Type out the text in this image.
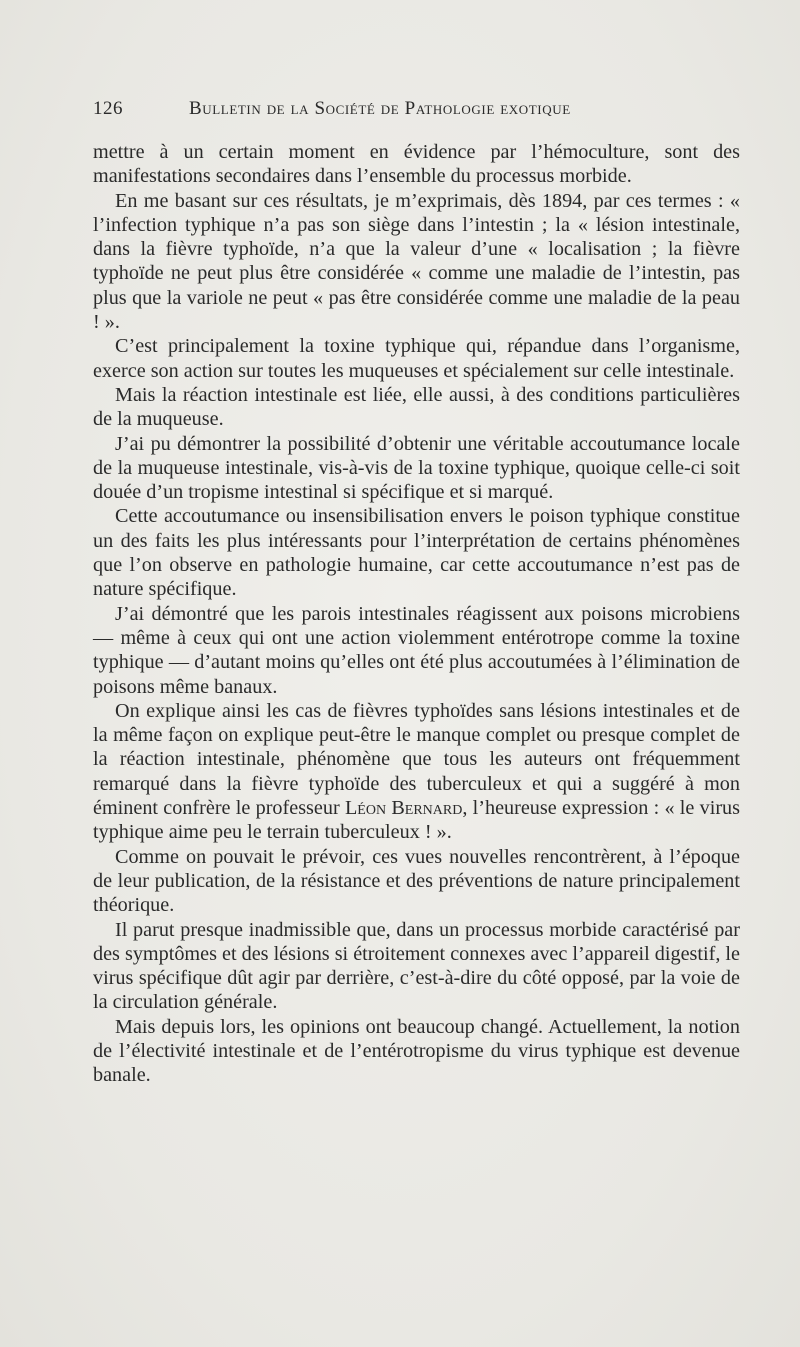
126	Bulletin de la Société de Pathologie exotique

mettre à un certain moment en évidence par l’hémoculture, sont des manifestations secondaires dans l’ensemble du processus morbide.

En me basant sur ces résultats, je m’exprimais, dès 1894, par ces termes : « l’infection typhique n’a pas son siège dans l’intestin ; la « lésion intestinale, dans la fièvre typhoïde, n’a que la valeur d’une « localisation ; la fièvre typhoïde ne peut plus être considérée « comme une maladie de l’intestin, pas plus que la variole ne peut « pas être considérée comme une maladie de la peau ! ».

C’est principalement la toxine typhique qui, répandue dans l’organisme, exerce son action sur toutes les muqueuses et spécialement sur celle intestinale.

Mais la réaction intestinale est liée, elle aussi, à des conditions particulières de la muqueuse.

J’ai pu démontrer la possibilité d’obtenir une véritable accoutumance locale de la muqueuse intestinale, vis-à-vis de la toxine typhique, quoique celle-ci soit douée d’un tropisme intestinal si spécifique et si marqué.

Cette accoutumance ou insensibilisation envers le poison typhique constitue un des faits les plus intéressants pour l’interprétation de certains phénomènes que l’on observe en pathologie humaine, car cette accoutumance n’est pas de nature spécifique.

J’ai démontré que les parois intestinales réagissent aux poisons microbiens — même à ceux qui ont une action violemment entérotrope comme la toxine typhique — d’autant moins qu’elles ont été plus accoutumées à l’élimination de poisons même banaux.

On explique ainsi les cas de fièvres typhoïdes sans lésions intestinales et de la même façon on explique peut-être le manque complet ou presque complet de la réaction intestinale, phénomène que tous les auteurs ont fréquemment remarqué dans la fièvre typhoïde des tuberculeux et qui a suggéré à mon éminent confrère le professeur Léon Bernard, l’heureuse expression : « le virus typhique aime peu le terrain tuberculeux ! ».

Comme on pouvait le prévoir, ces vues nouvelles rencontrèrent, à l’époque de leur publication, de la résistance et des préventions de nature principalement théorique.

Il parut presque inadmissible que, dans un processus morbide caractérisé par des symptômes et des lésions si étroitement connexes avec l’appareil digestif, le virus spécifique dût agir par derrière, c’est-à-dire du côté opposé, par la voie de la circulation générale.

Mais depuis lors, les opinions ont beaucoup changé. Actuellement, la notion de l’électivité intestinale et de l’entérotropisme du virus typhique est devenue banale.
